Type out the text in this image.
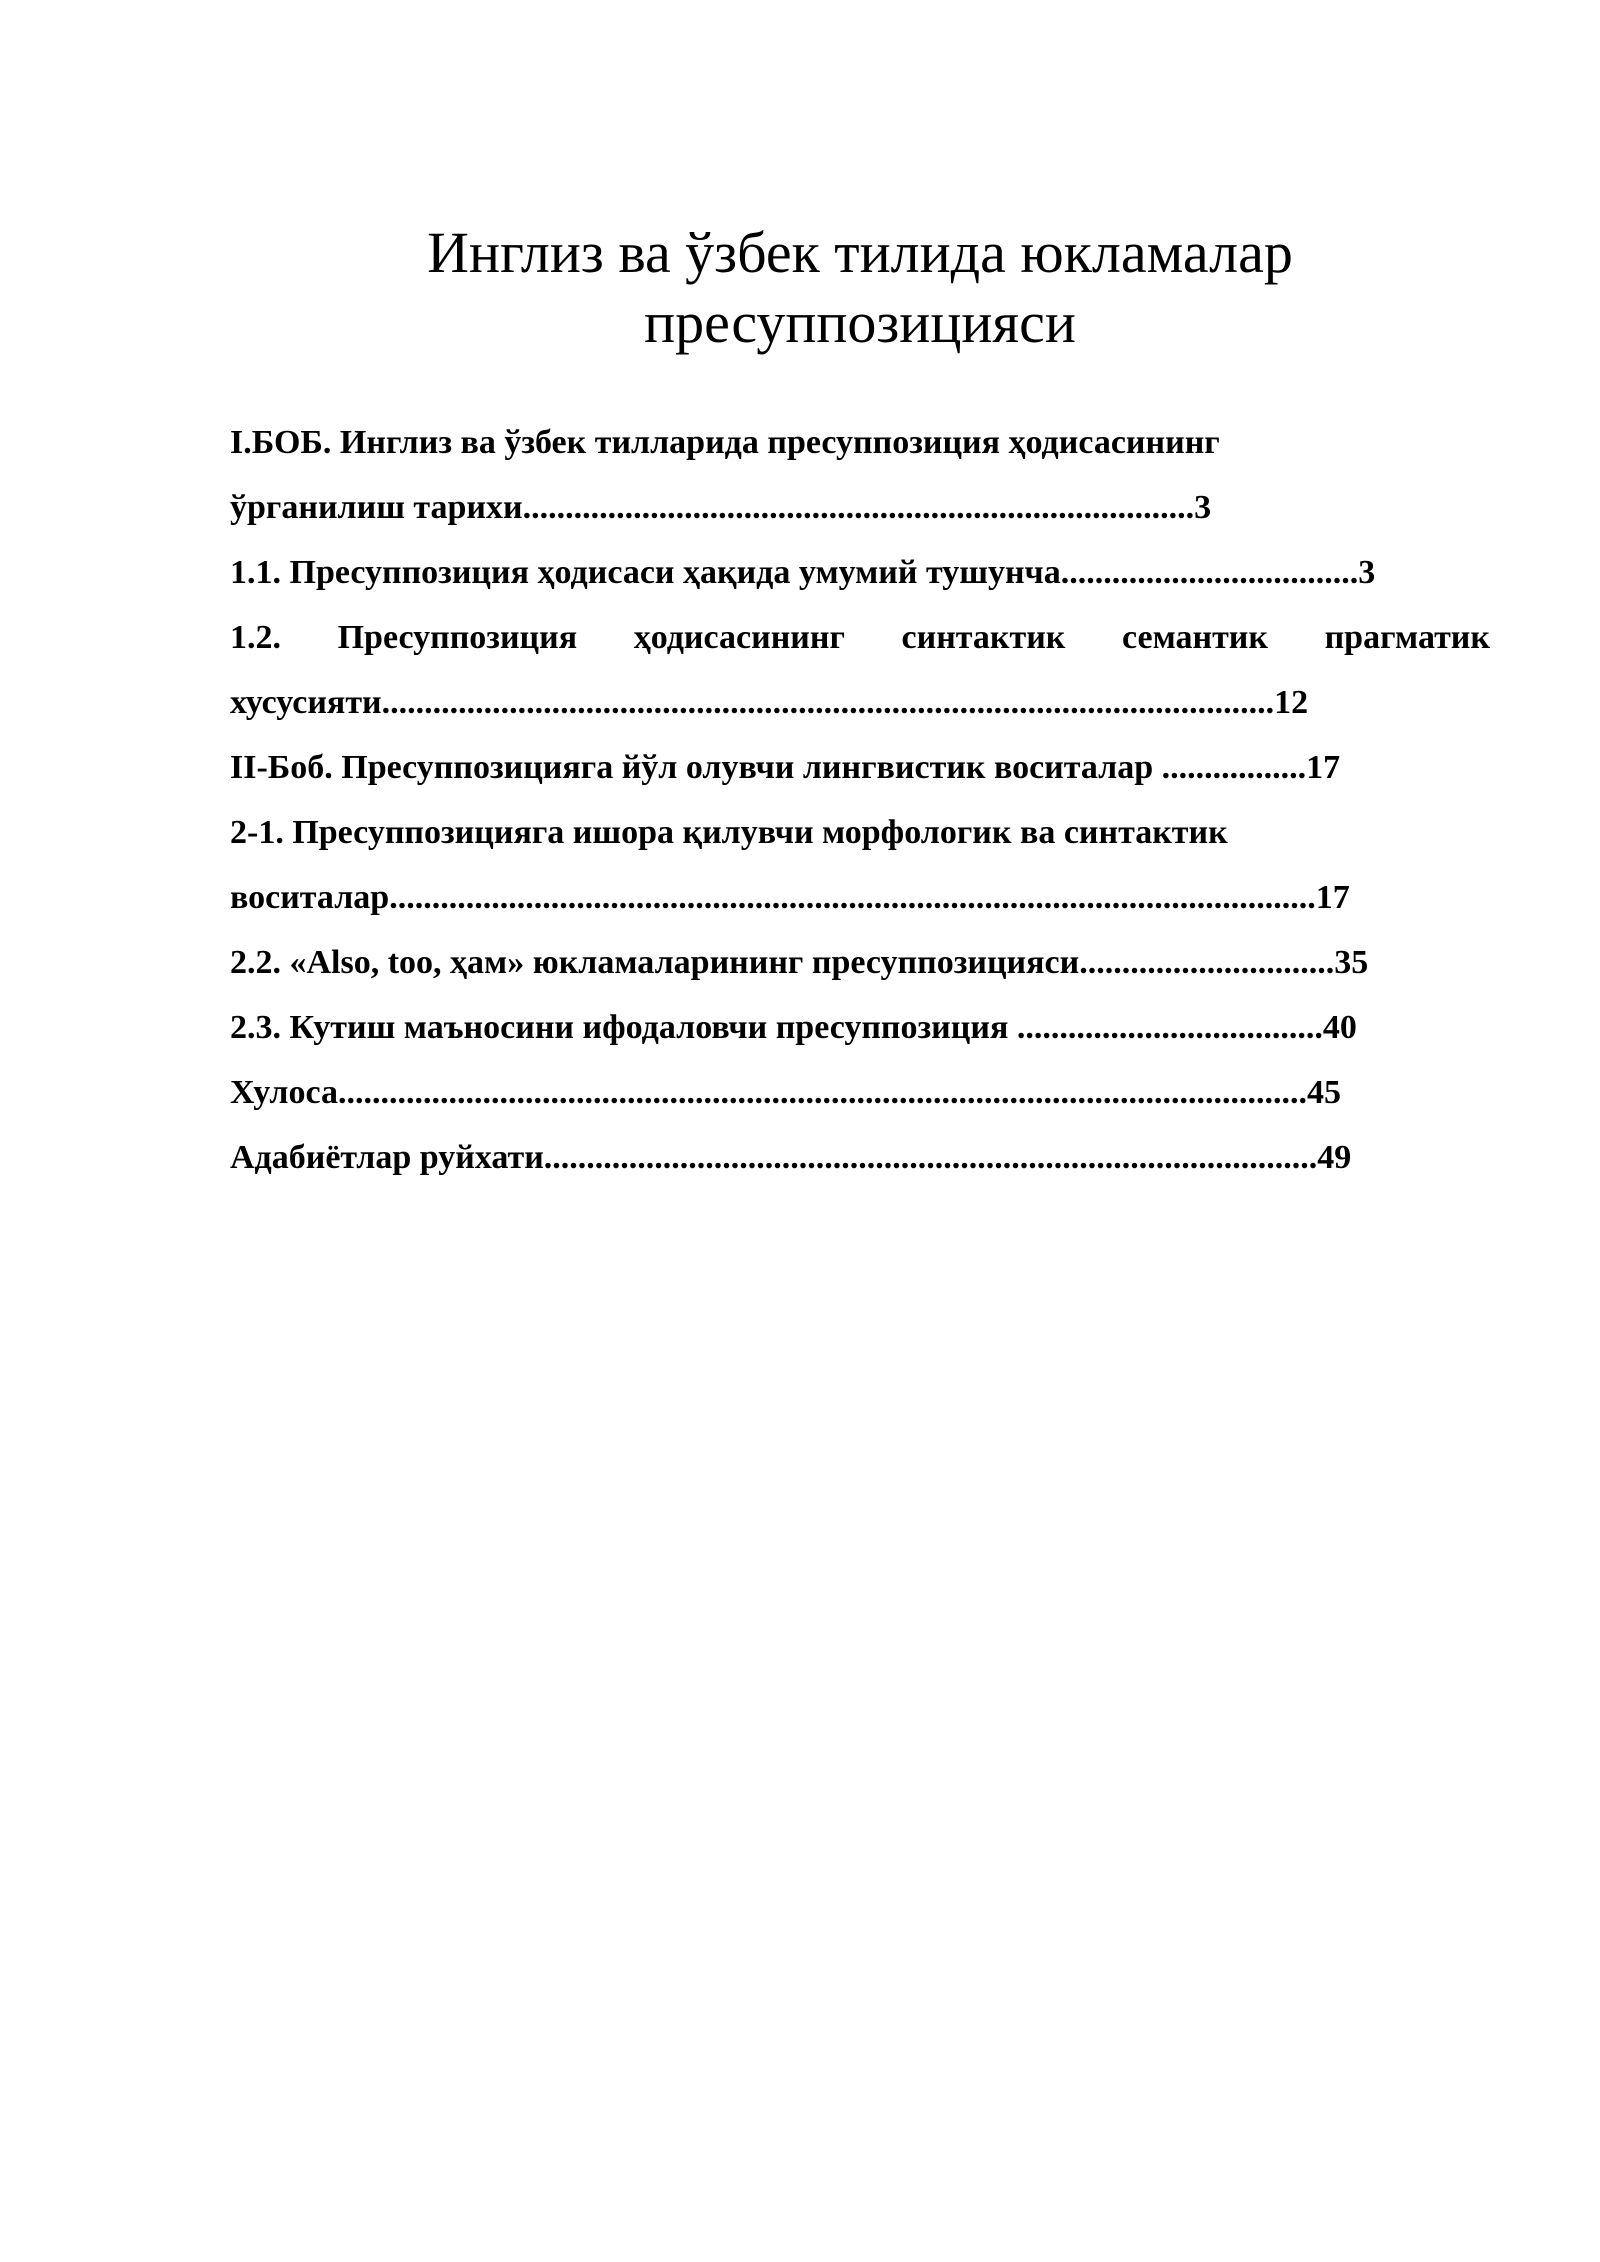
Инглиз ва ўзбек тилида юкламалар
пресуппозицияси
I.БОБ. Инглиз ва ўзбек тилларида пресуппозиция ҳодисасининг
ўрганилиш тарихи...............................................................................3
1.1. Пресуппозиция ҳодисаси ҳақида умумий тушунча...................................3
1.2. Пресуппозиция ҳодисасининг синтактик семантик прагматик
хусусияти.........................................................................................................12
II-Боб. Пресуппозицияга йўл олувчи лингвистик воситалар .................17
2-1. Пресуппозицияга ишора қилувчи морфологик ва синтактик
воситалар.............................................................................................................17
2.2. «Also, too, ҳам» юкламаларининг пресуппозицияси..............................35
2.3. Кутиш маъносини ифодаловчи пресуппозиция ....................................40
Хулоса..................................................................................................................45
Адабиётлар руйхати...........................................................................................49
